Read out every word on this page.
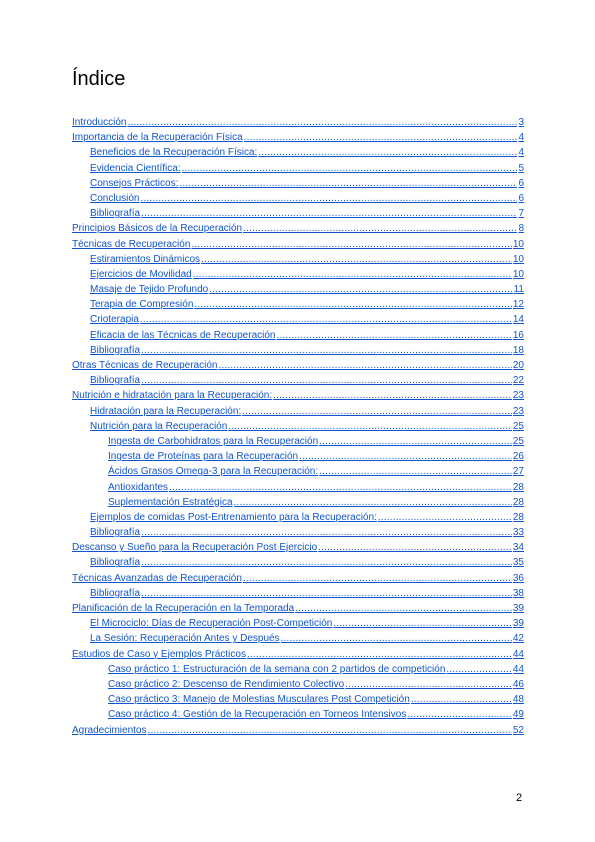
Índice
Introducción .....	3
Importancia de la Recuperación Física .....	4
Beneficios de la Recuperación Física: .....	4
Evidencia Científica: .....	5
Consejos Prácticos: .....	6
Conclusión .....	6
Bibliografía .....	7
Principios Básicos de la Recuperación .....	8
Técnicas de Recuperación .....	10
Estiramientos Dinámicos .....	10
Ejercicios de Movilidad .....	10
Masaje de Tejido Profundo .....	11
Terapia de Compresión .....	12
Crioterapia .....	14
Eficacia de las Técnicas de Recuperación .....	16
Bibliografía .....	18
Otras Técnicas de Recuperación .....	20
Bibliografía .....	22
Nutrición e hidratación para la Recuperación: .....	23
Hidratación para la Recuperación: .....	23
Nutrición para la Recuperación .....	25
Ingesta de Carbohidratos para la Recuperación .....	25
Ingesta de Proteínas para la Recuperación .....	26
Ácidos Grasos Omega-3 para la Recuperación: .....	27
Antioxidantes .....	28
Suplementación Estratégica .....	28
Ejemplos de comidas Post-Entrenamiento para la Recuperación: .....	28
Bibliografía .....	33
Descanso y Sueño para la Recuperación Post Ejercicio .....	34
Bibliografía .....	35
Técnicas Avanzadas de Recuperación .....	36
Bibliografía .....	38
Planificación de la Recuperación en la Temporada .....	39
El Microciclo: Días de Recuperación Post-Competición .....	39
La Sesión: Recuperación Antes y Después .....	42
Estudios de Caso y Ejemplos Prácticos .....	44
Caso práctico 1: Estructuración de la semana con 2 partidos de competición .....	44
Caso práctico 2: Descenso de Rendimiento Colectivo .....	46
Caso práctico 3: Manejo de Molestias Musculares Post Competición .....	48
Caso práctico 4: Gestión de la Recuperación en Torneos Intensivos .....	49
Agradecimientos .....	52
2
